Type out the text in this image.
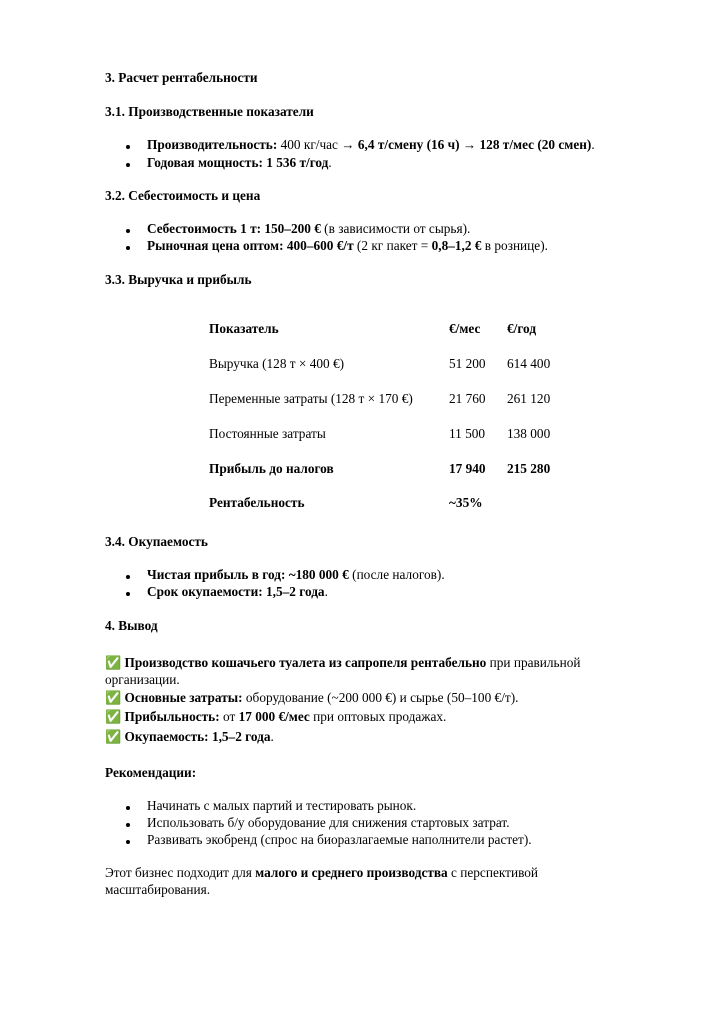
3. Расчет рентабельности
3.1. Производственные показатели
Производительность: 400 кг/час → 6,4 т/смену (16 ч) → 128 т/мес (20 смен).
Годовая мощность: 1 536 т/год.
3.2. Себестоимость и цена
Себестоимость 1 т: 150–200 € (в зависимости от сырья).
Рыночная цена оптом: 400–600 €/т (2 кг пакет = 0,8–1,2 € в рознице).
3.3. Выручка и прибыль
Показатель	€/мес	€/год
Выручка (128 т × 400 €)	51 200	614 400
Переменные затраты (128 т × 170 €)	21 760	261 120
Постоянные затраты	11 500	138 000
Прибыль до налогов	17 940	215 280
Рентабельность	~35%	
3.4. Окупаемость
Чистая прибыль в год: ~180 000 € (после налогов).
Срок окупаемости: 1,5–2 года.
4. Вывод
✅ Производство кошачьего туалета из сапропеля рентабельно при правильной
организации.
✅ Основные затраты: оборудование (~200 000 €) и сырье (50–100 €/т).
✅ Прибыльность: от 17 000 €/мес при оптовых продажах.
✅ Окупаемость: 1,5–2 года.
Рекомендации:
Начинать с малых партий и тестировать рынок.
Использовать б/у оборудование для снижения стартовых затрат.
Развивать экобренд (спрос на биоразлагаемые наполнители растет).
Этот бизнес подходит для малого и среднего производства с перспективой
масштабирования.
